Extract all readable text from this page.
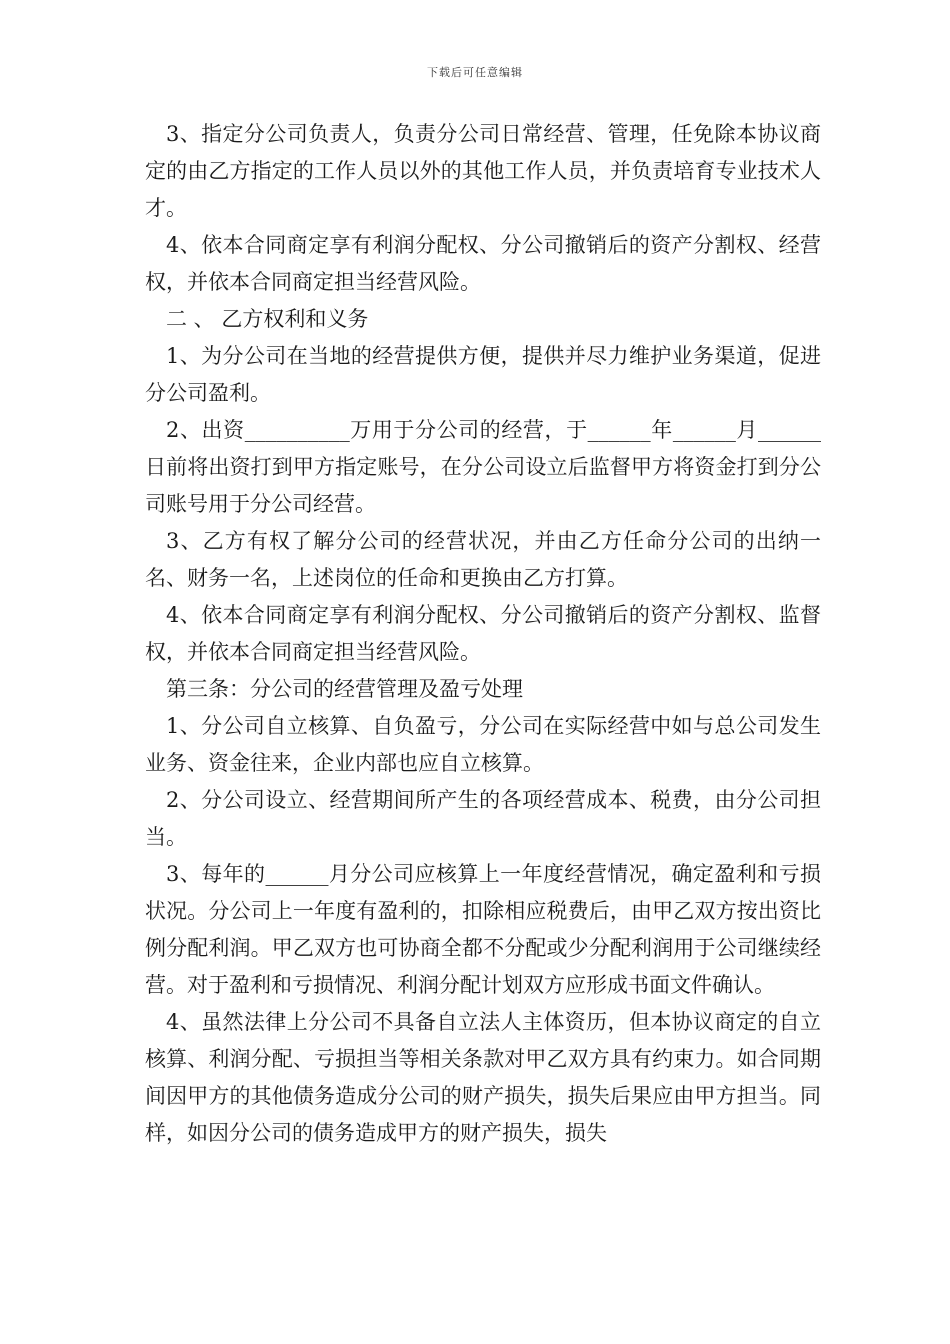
下载后可任意编辑

3、指定分公司负责人，负责分公司日常经营、管理，任免除本协议商定的由乙方指定的工作人员以外的其他工作人员，并负责培育专业技术人才。

4、依本合同商定享有利润分配权、分公司撤销后的资产分割权、经营权，并依本合同商定担当经营风险。

二 、 乙方权利和义务

1、为分公司在当地的经营提供方便，提供并尽力维护业务渠道，促进分公司盈利。

2、出资__________万用于分公司的经营，于______年______月______日前将出资打到甲方指定账号，在分公司设立后监督甲方将资金打到分公司账号用于分公司经营。

3、乙方有权了解分公司的经营状况，并由乙方任命分公司的出纳一名、财务一名，上述岗位的任命和更换由乙方打算。

4、依本合同商定享有利润分配权、分公司撤销后的资产分割权、监督权，并依本合同商定担当经营风险。

第三条：分公司的经营管理及盈亏处理

1、分公司自立核算、自负盈亏，分公司在实际经营中如与总公司发生业务、资金往来，企业内部也应自立核算。

2、分公司设立、经营期间所产生的各项经营成本、税费，由分公司担当。

3、每年的______月分公司应核算上一年度经营情况，确定盈利和亏损状况。分公司上一年度有盈利的，扣除相应税费后，由甲乙双方按出资比例分配利润。甲乙双方也可协商全都不分配或少分配利润用于公司继续经营。对于盈利和亏损情况、利润分配计划双方应形成书面文件确认。

4、虽然法律上分公司不具备自立法人主体资历，但本协议商定的自立核算、利润分配、亏损担当等相关条款对甲乙双方具有约束力。如合同期间因甲方的其他债务造成分公司的财产损失，损失后果应由甲方担当。同样，如因分公司的债务造成甲方的财产损失，损失
